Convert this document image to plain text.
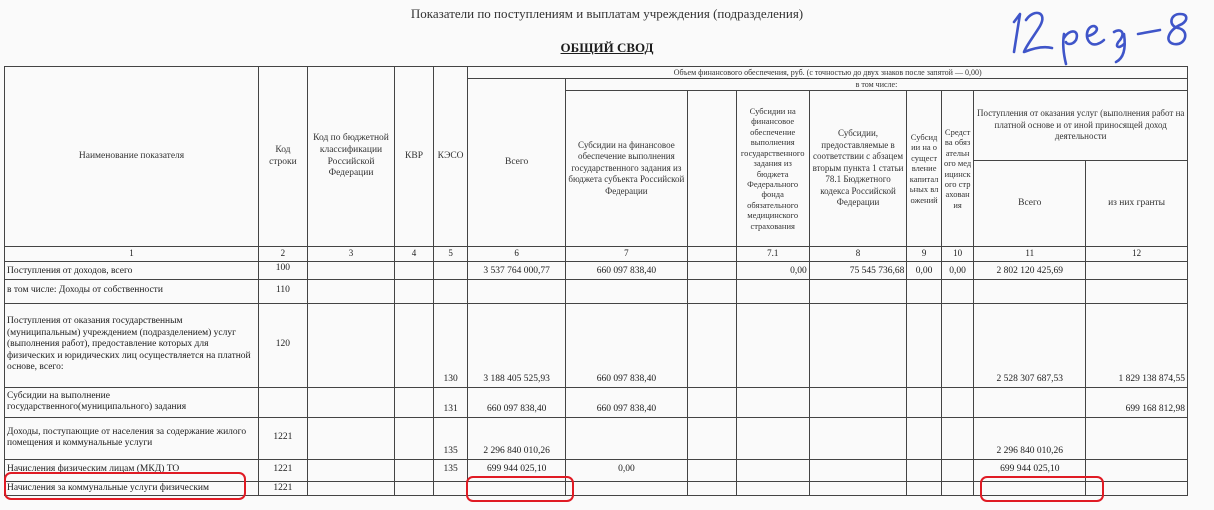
Показатели по поступлениям и выплатам учреждения (подразделения)
ОБЩИЙ СВОД
Наименование показателя	Код строки	Код по бюджетной классификации Российской Федерации	КВР	КЭСО	Объем финансового обеспечения, руб. (с точностью до двух знаков после запятой — 0,00)								
					Всего	в том числе:							
						Субсидии на финансовое обеспечение выполнения государственного задания из бюджета субъекта Российской Федерации		Субсидии на финансовое обеспечение выполнения государственного задания из бюджета Федерального фонда обязательного медицинского страхования	Субсидии, предоставляемые в соответствии с абзацем вторым пункта 1 статьи 78.1 Бюджетного кодекса Российской Федерации	Субсидии на осуществление капитальных вложений	Средства обязательного медицинского страхования	Поступления от оказания услуг (выполнения работ на платной основе и от иной приносящей доход деятельности	
												Всего	из них гранты
1	2	3	4	5	6	7		7.1	8	9	10	11	12
Поступления от доходов, всего	100				3 537 764 000,77	660 097 838,40		0,00	75 545 736,68	0,00	0,00	2 802 120 425,69	
в том числе: Доходы от собственности	110												
Поступления от оказания государственным (муниципальным) учреждением (подразделением) услуг (выполнения работ), предоставление которых для физических и юридических лиц осуществляется на платной основе, всего:	120			130	3 188 405 525,93	660 097 838,40						2 528 307 687,53	1 829 138 874,55
Субсидии на выполнение государственного(муниципального) задания				131	660 097 838,40	660 097 838,40							699 168 812,98
Доходы, поступающие от населения за содержание жилого помещения и коммунальные услуги	1221			135	2 296 840 010,26							2 296 840 010,26	
Начисления физическим лицам (МКД) ТО	1221			135	699 944 025,10	0,00						699 944 025,10	
Начисления за коммунальные услуги физическим	1221												
